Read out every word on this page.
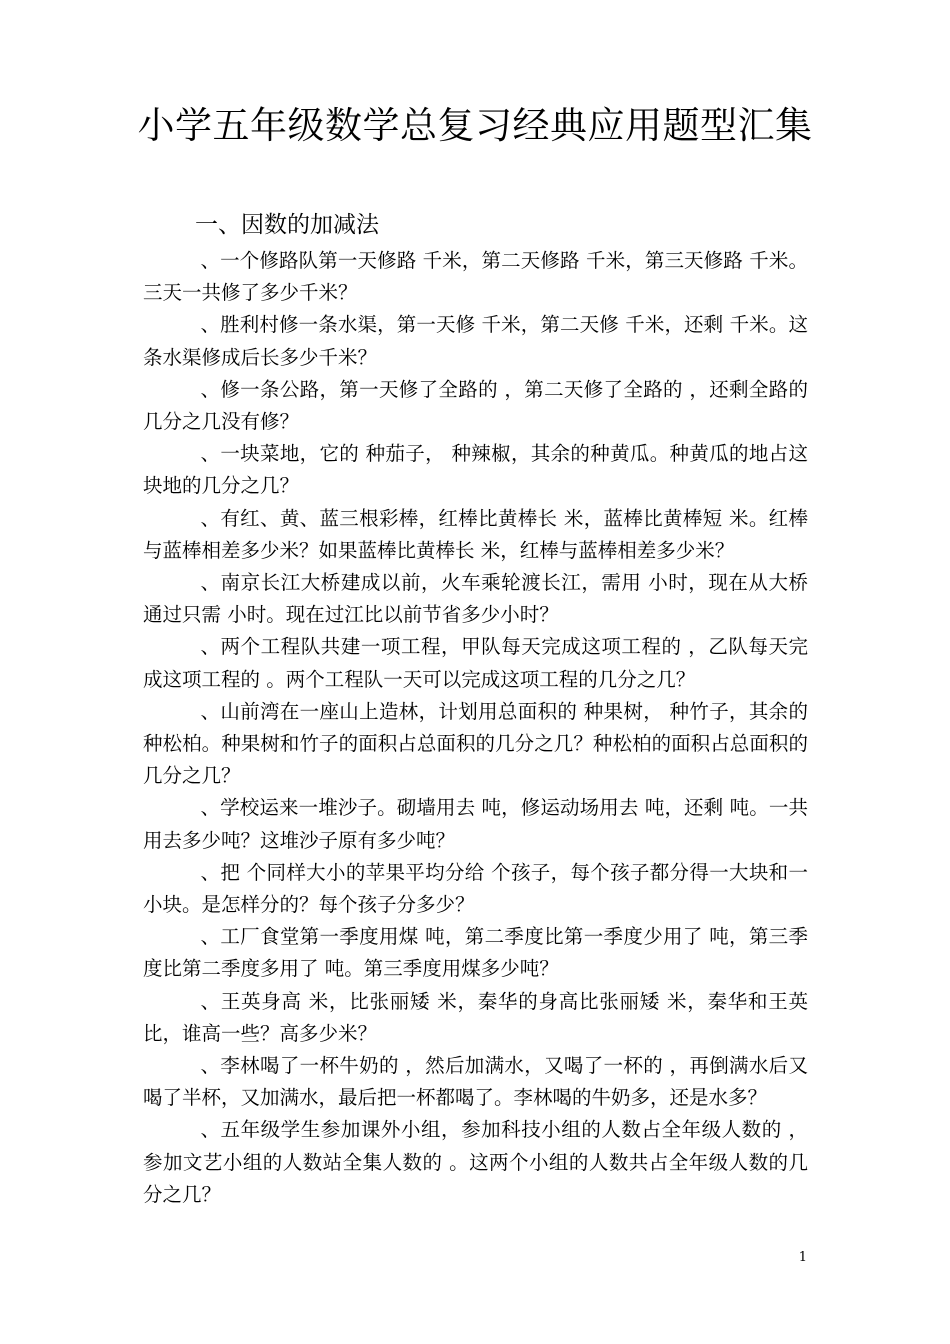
小学五年级数学总复习经典应用题型汇集
一、因数的加减法

、一个修路队第一天修路 千米，第二天修路 千米，第三天修路 千米。三天一共修了多少千米？

、胜利村修一条水渠，第一天修 千米，第二天修 千米，还剩 千米。这条水渠修成后长多少千米？

、修一条公路，第一天修了全路的 ，第二天修了全路的 ，还剩全路的几分之几没有修？

、一块菜地，它的 种茄子， 种辣椒，其余的种黄瓜。种黄瓜的地占这块地的几分之几？

、有红、黄、蓝三根彩棒，红棒比黄棒长 米，蓝棒比黄棒短 米。红棒与蓝棒相差多少米？如果蓝棒比黄棒长 米，红棒与蓝棒相差多少米？

、南京长江大桥建成以前，火车乘轮渡长江，需用 小时，现在从大桥通过只需 小时。现在过江比以前节省多少小时？

、两个工程队共建一项工程，甲队每天完成这项工程的 ，乙队每天完成这项工程的 。两个工程队一天可以完成这项工程的几分之几？

、山前湾在一座山上造林，计划用总面积的 种果树， 种竹子，其余的种松柏。种果树和竹子的面积占总面积的几分之几？种松柏的面积占总面积的几分之几？

、学校运来一堆沙子。砌墙用去 吨，修运动场用去 吨，还剩 吨。一共用去多少吨？这堆沙子原有多少吨？

、把 个同样大小的苹果平均分给 个孩子，每个孩子都分得一大块和一小块。是怎样分的？每个孩子分多少？

、工厂食堂第一季度用煤 吨，第二季度比第一季度少用了 吨，第三季度比第二季度多用了 吨。第三季度用煤多少吨？

、王英身高 米，比张丽矮 米，秦华的身高比张丽矮 米，秦华和王英比，谁高一些？高多少米？

、李林喝了一杯牛奶的 ，然后加满水，又喝了一杯的 ，再倒满水后又喝了半杯，又加满水，最后把一杯都喝了。李林喝的牛奶多，还是水多？

、五年级学生参加课外小组，参加科技小组的人数占全年级人数的 ，参加文艺小组的人数站全集人数的 。这两个小组的人数共占全年级人数的几分之几？

1
